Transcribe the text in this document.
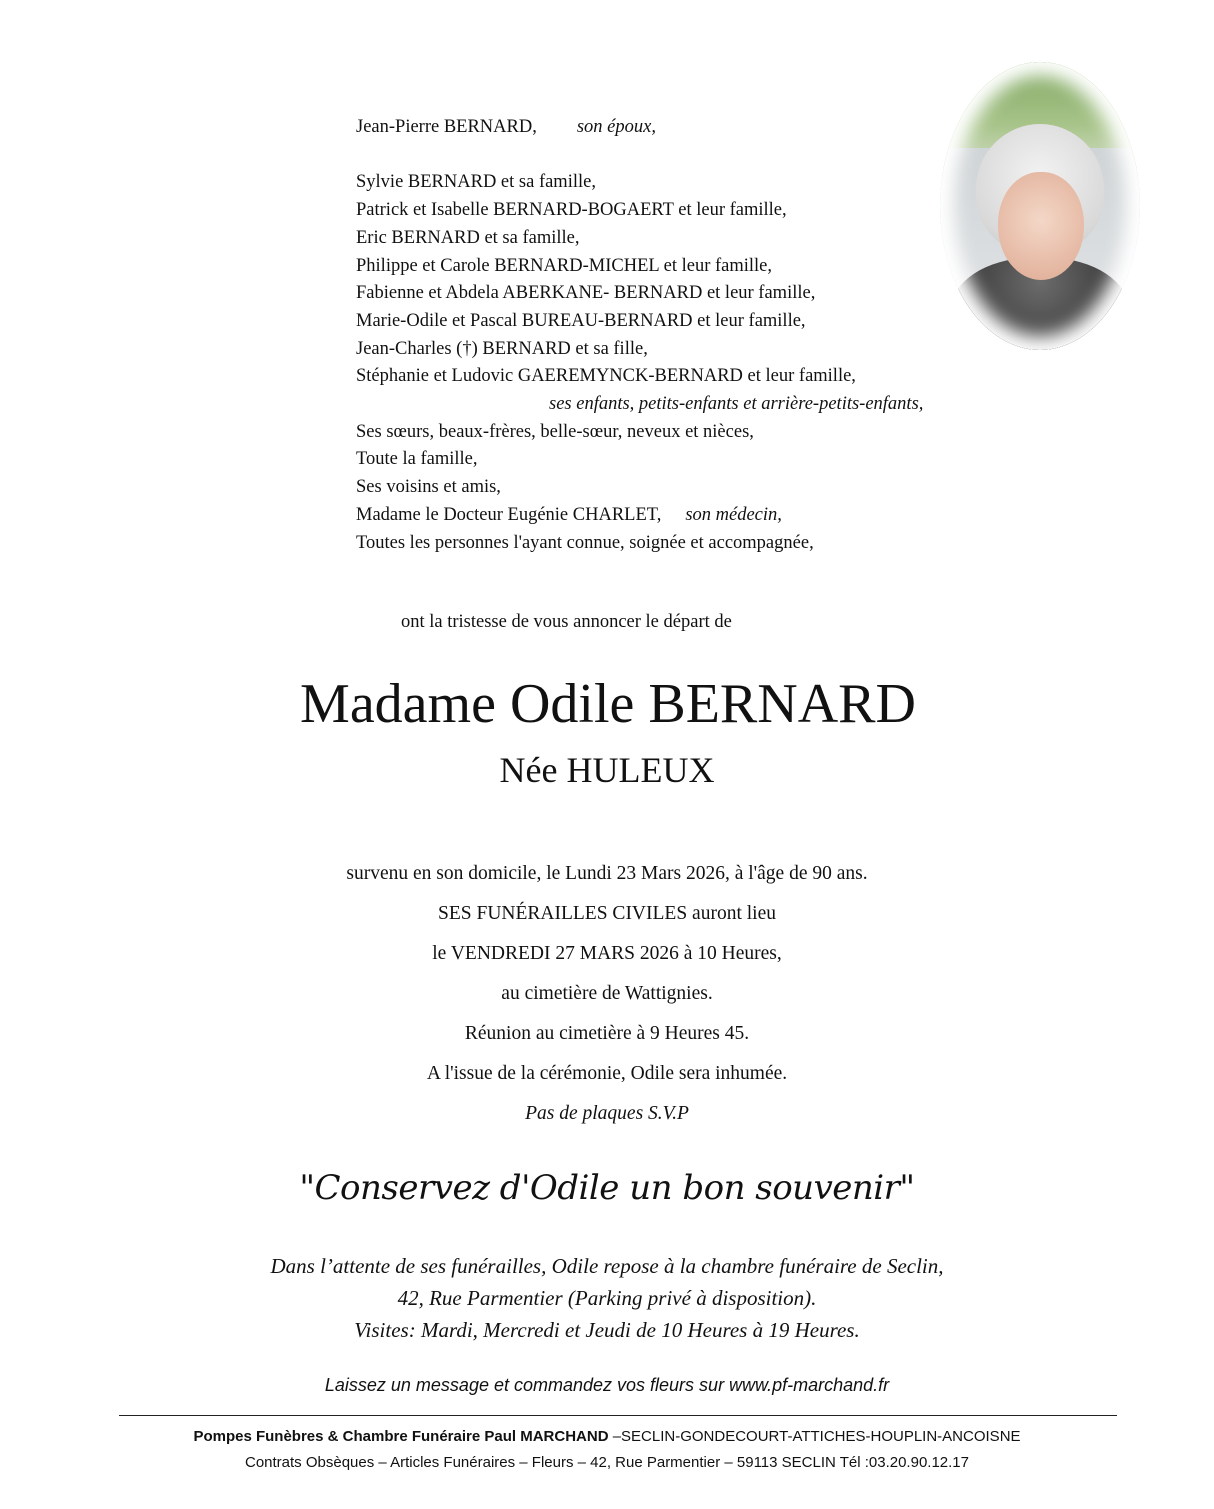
Jean-Pierre BERNARD, son époux,
Sylvie BERNARD et sa famille,
Patrick et Isabelle BERNARD-BOGAERT et leur famille,
Eric BERNARD et sa famille,
Philippe et Carole BERNARD-MICHEL et leur famille,
Fabienne et Abdela ABERKANE- BERNARD et leur famille,
Marie-Odile et Pascal BUREAU-BERNARD et leur famille,
Jean-Charles (†) BERNARD et sa fille,
Stéphanie et Ludovic GAEREMYNCK-BERNARD et leur famille,
ses enfants, petits-enfants et arrière-petits-enfants,
Ses sœurs, beaux-frères, belle-sœur, neveux et nièces,
Toute la famille,
Ses voisins et amis,
Madame le Docteur Eugénie CHARLET, son médecin,
Toutes les personnes l'ayant connue, soignée et accompagnée,
ont la tristesse de vous annoncer le départ de
Madame Odile BERNARD
Née HULEUX
survenu en son domicile, le Lundi 23 Mars 2026, à l'âge de 90 ans.
SES FUNÉRAILLES CIVILES auront lieu
le VENDREDI 27 MARS 2026 à 10 Heures,
au cimetière de Wattignies.
Réunion au cimetière à 9 Heures 45.
A l'issue de la cérémonie, Odile sera inhumée.
Pas de plaques S.V.P
"Conservez d'Odile un bon souvenir"
Dans l’attente de ses funérailles, Odile repose à la chambre funéraire de Seclin,
42, Rue Parmentier (Parking privé à disposition).
Visites: Mardi, Mercredi et Jeudi de 10 Heures à 19 Heures.
Laissez un message et commandez vos fleurs sur www.pf-marchand.fr
Pompes Funèbres & Chambre Funéraire Paul MARCHAND –SECLIN-GONDECOURT-ATTICHES-HOUPLIN-ANCOISNE
Contrats Obsèques – Articles Funéraires – Fleurs – 42, Rue Parmentier – 59113 SECLIN Tél :03.20.90.12.17
